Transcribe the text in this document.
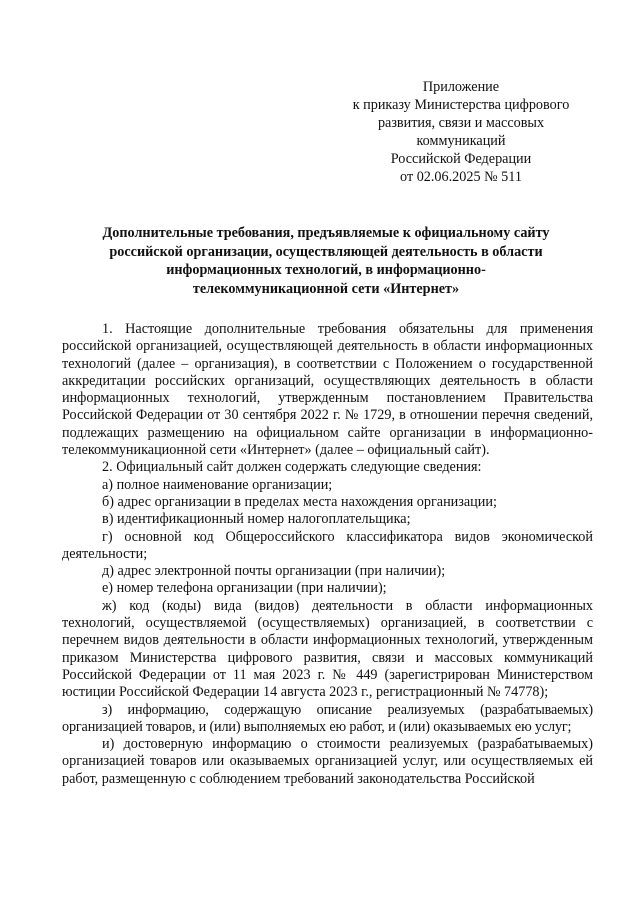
Приложение
к приказу Министерства цифрового
развития, связи и массовых
коммуникаций
Российской Федерации
от 02.06.2025 № 511
Дополнительные требования, предъявляемые к официальному сайту
российской организации, осуществляющей деятельность в области
информационных технологий, в информационно-
телекоммуникационной сети «Интернет»

1. Настоящие дополнительные требования обязательны для применения российской организацией, осуществляющей деятельность в области информационных технологий (далее – организация), в соответствии с Положением о государственной аккредитации российских организаций, осуществляющих деятельность в области информационных технологий, утвержденным постановлением Правительства Российской Федерации от 30 сентября 2022 г. № 1729, в отношении перечня сведений, подлежащих размещению на официальном сайте организации в информационно-телекоммуникационной сети «Интернет» (далее – официальный сайт).

2. Официальный сайт должен содержать следующие сведения:

а) полное наименование организации;

б) адрес организации в пределах места нахождения организации;

в) идентификационный номер налогоплательщика;

г) основной код Общероссийского классификатора видов экономической деятельности;

д) адрес электронной почты организации (при наличии);

е) номер телефона организации (при наличии);

ж) код (коды) вида (видов) деятельности в области информационных технологий, осуществляемой (осуществляемых) организацией, в соответствии с перечнем видов деятельности в области информационных технологий, утвержденным приказом Министерства цифрового развития, связи и массовых коммуникаций Российской Федерации от 11 мая 2023 г. № 449 (зарегистрирован Министерством юстиции Российской Федерации 14 августа 2023 г., регистрационный № 74778);

з) информацию, содержащую описание реализуемых (разрабатываемых) организацией товаров, и (или) выполняемых ею работ, и (или) оказываемых ею услуг;

и) достоверную информацию о стоимости реализуемых (разрабатываемых) организацией товаров или оказываемых организацией услуг, или осуществляемых ей работ, размещенную с соблюдением требований законодательства Российской
